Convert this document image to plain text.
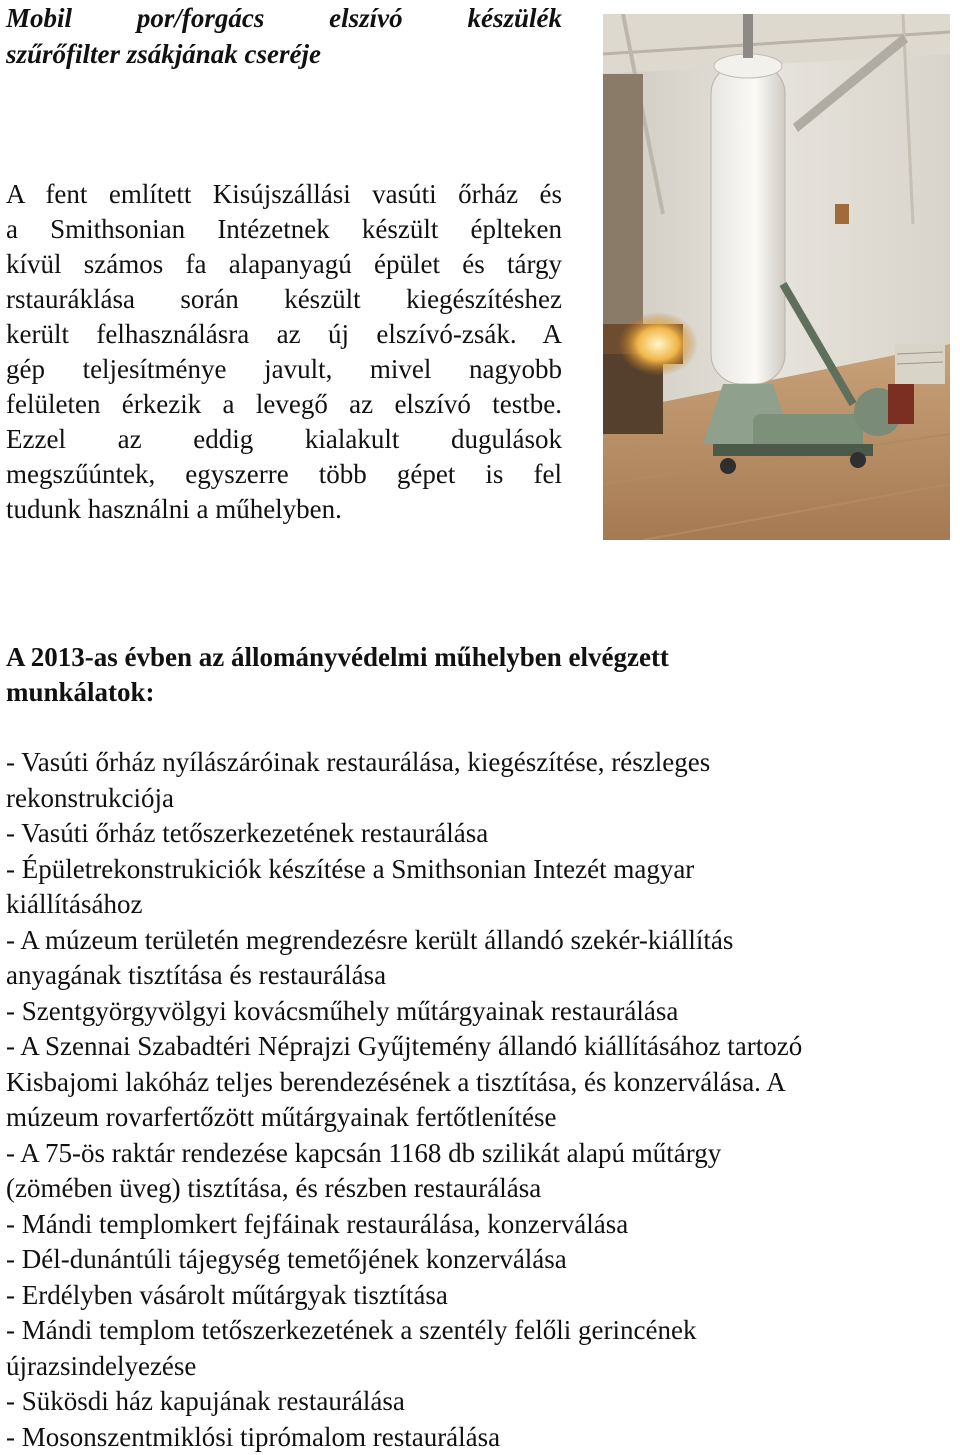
Mobil por/forgács elszívó készülék
szűrőfilter zsákjának cseréje

A fent említett Kisújszállási vasúti őrház és
a Smithsonian Intézetnek készült éplteken
kívül számos fa alapanyagú épület és tárgy
rstauráklása során készült kiegészítéshez
került felhasználásra az új elszívó-zsák. A
gép teljesítménye javult, mivel nagyobb
felületen érkezik a levegő az elszívó testbe.
Ezzel az eddig kialakult dugulások
megszűúntek, egyszerre több gépet is fel
tudunk használni a műhelyben.

A 2013-as évben az állományvédelmi műhelyben elvégzett
munkálatok:
- Vasúti őrház nyílászáróinak restaurálása, kiegészítése, részleges
rekonstrukciója
- Vasúti őrház tetőszerkezetének restaurálása
- Épületrekonstrukiciók készítése a Smithsonian Intezét magyar
kiállításához
- A múzeum területén megrendezésre került állandó szekér-kiállítás
anyagának tisztítása és restaurálása
- Szentgyörgyvölgyi kovácsműhely műtárgyainak restaurálása
- A Szennai Szabadtéri Néprajzi Gyűjtemény állandó kiállításához tartozó
Kisbajomi lakóház teljes berendezésének a tisztítása, és konzerválása. A
múzeum rovarfertőzött műtárgyainak fertőtlenítése
- A 75-ös raktár rendezése kapcsán 1168 db szilikát alapú műtárgy
(zömében üveg) tisztítása, és részben restaurálása
- Mándi templomkert fejfáinak restaurálása, konzerválása
- Dél-dunántúli tájegység temetőjének konzerválása
- Erdélyben vásárolt műtárgyak tisztítása
- Mándi templom tetőszerkezetének a szentély felőli gerincének
újrazsindelyezése
- Sükösdi ház kapujának restaurálása
- Mosonszentmiklósi tiprómalom restaurálása
